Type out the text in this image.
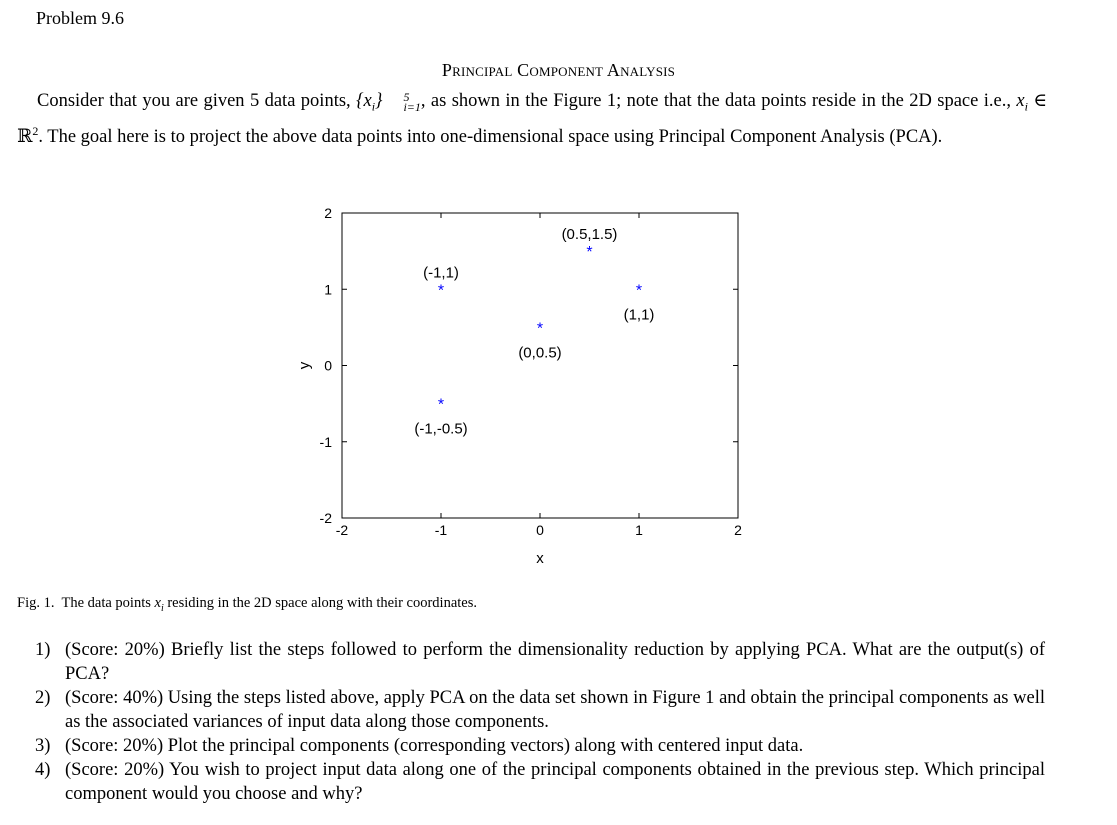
Problem 9.6
Principal Component Analysis
Consider that you are given 5 data points, $\{x_i\}$	5
i=1 , as shown in the Figure 1; note that the data points reside in the 2D space i.e., $x_i$ ∈ ℝ$^2$. The goal here is to project the above data points into one-dimensional space using Principal Component Analysis (PCA).
-2	-1	0	1	2
-2
-1
0
1
2
x
y
*
(-1,1)
*
(-1,-0.5)
*
(0,0.5)
*
(0.5,1.5)
*
(1,1)
Fig. 1. The data points $x_i$ residing in the 2D space along with their coordinates.
1) (Score: 20%) Briefly list the steps followed to perform the dimensionality reduction by applying PCA. What are the output(s) of PCA?
2) (Score: 40%) Using the steps listed above, apply PCA on the data set shown in Figure 1 and obtain the principal components as well as the associated variances of input data along those components.
3) (Score: 20%) Plot the principal components (corresponding vectors) along with centered input data.
4) (Score: 20%) You wish to project input data along one of the principal components obtained in the previous step. Which principal component would you choose and why?
